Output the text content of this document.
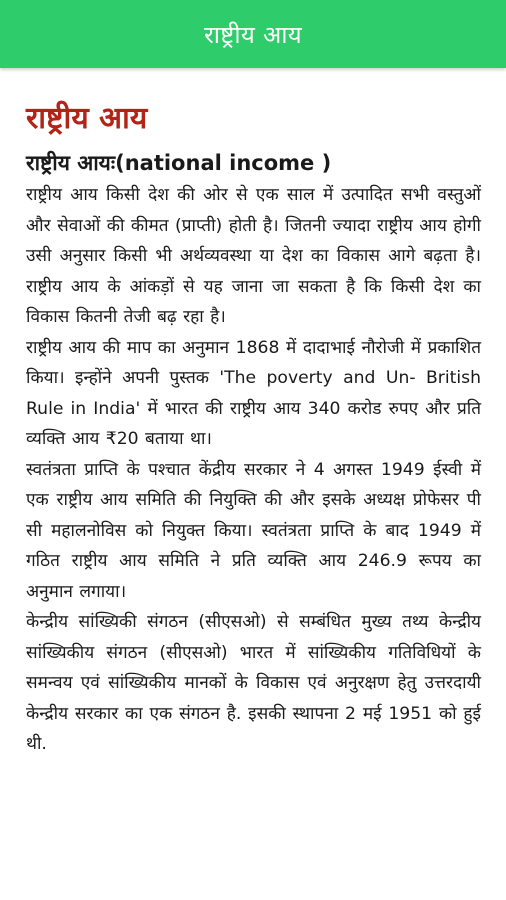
राष्ट्रीय आय
राष्ट्रीय आय
राष्ट्रीय आयः(national income )

राष्ट्रीय आय किसी देश की ओर से एक साल में उत्पादित सभी वस्तुओं और सेवाओं की कीमत (प्राप्ती) होती है। जितनी ज्यादा राष्ट्रीय आय होगी उसी अनुसार किसी भी अर्थव्यवस्था या देश का विकास आगे बढ़ता है। राष्ट्रीय आय के आंकड़ों से यह जाना जा सकता है कि किसी देश का विकास कितनी तेजी बढ़ रहा है।

राष्ट्रीय आय की माप का अनुमान 1868 में दादाभाई नौरोजी में प्रकाशित किया। इन्होंने अपनी पुस्तक 'The poverty and Un- British Rule in India' में भारत की राष्ट्रीय आय 340 करोड रुपए और प्रति व्यक्ति आय ₹20 बताया था।

स्वतंत्रता प्राप्ति के पश्चात केंद्रीय सरकार ने 4 अगस्त 1949 ईस्वी में एक राष्ट्रीय आय समिति की नियुक्ति की और इसके अध्यक्ष प्रोफेसर पी सी महालनोविस को नियुक्त किया। स्वतंत्रता प्राप्ति के बाद 1949 में गठित राष्ट्रीय आय समिति ने प्रति व्यक्ति आय 246.9 रूपय का अनुमान लगाया।

केन्द्रीय सांख्यिकी संगठन (सीएसओ) से सम्बंधित मुख्य तथ्य केन्द्रीय सांख्यिकीय संगठन (सीएसओ) भारत में सांख्यिकीय गतिविधियों के समन्वय एवं सांख्यिकीय मानकों के विकास एवं अनुरक्षण हेतु उत्तरदायी केन्द्रीय सरकार का एक संगठन है. इसकी स्थापना 2 मई 1951 को हुई थी.
